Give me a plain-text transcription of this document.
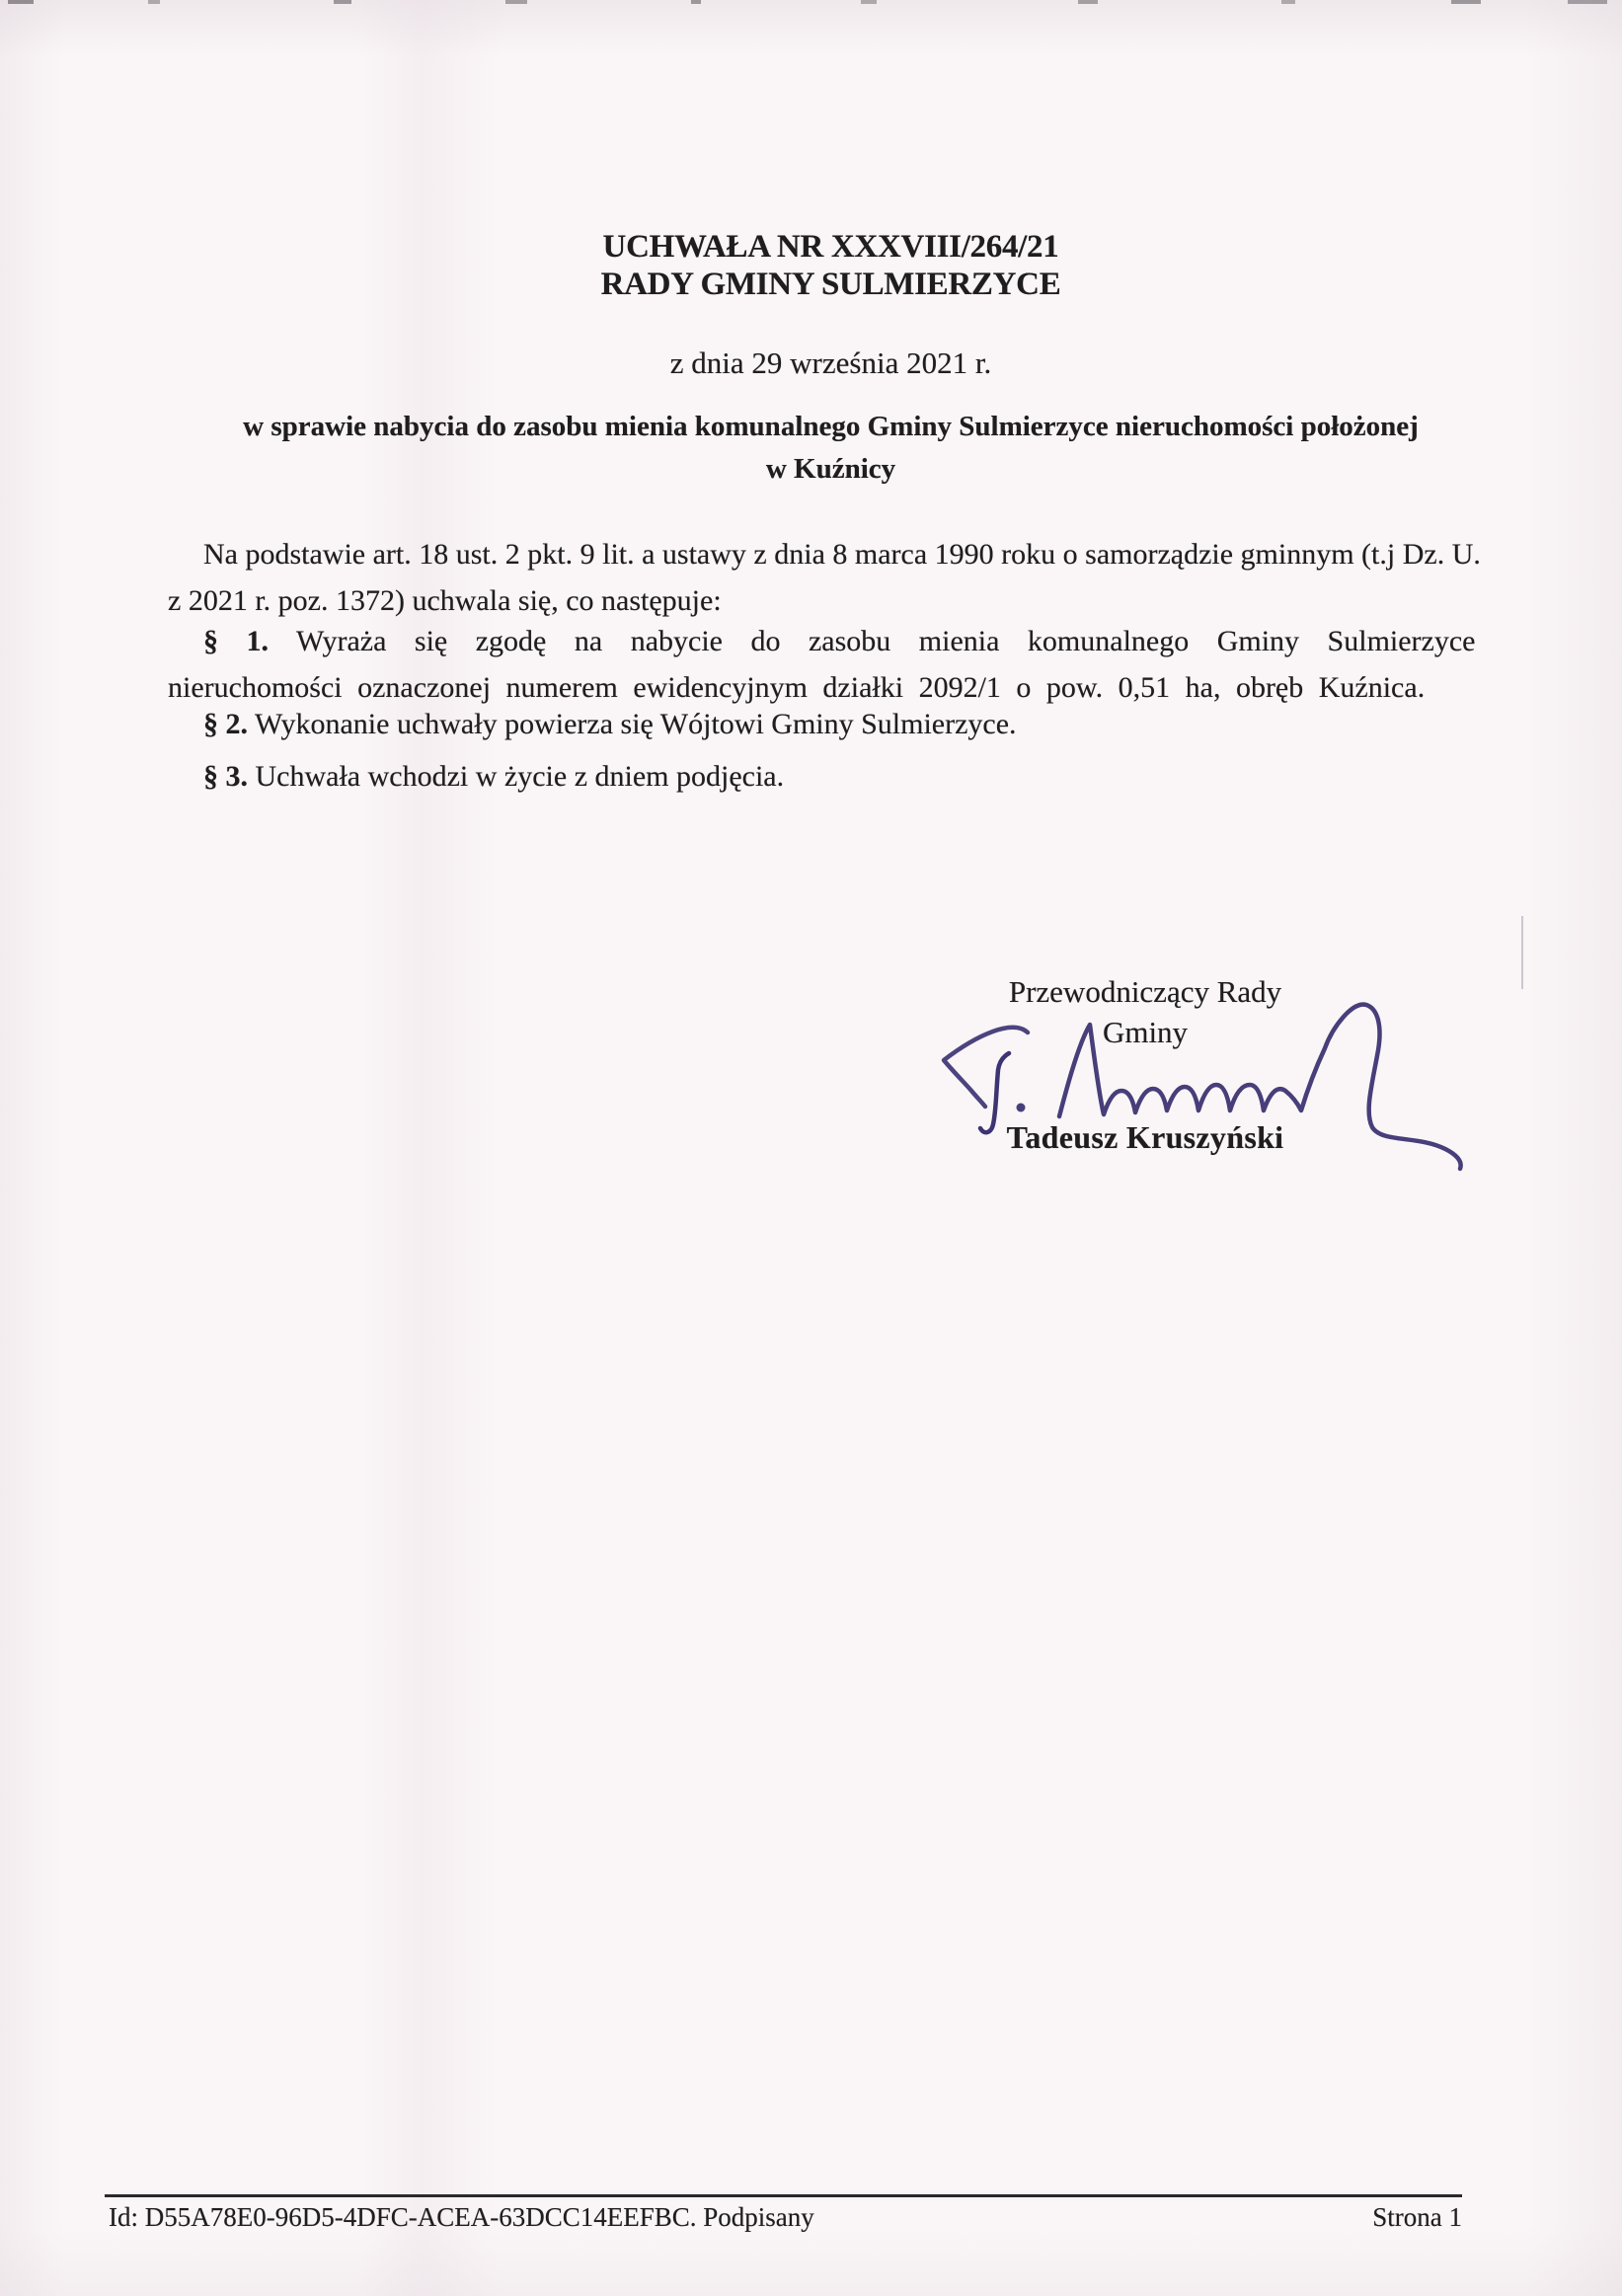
UCHWAŁA NR XXXVIII/264/21
RADY GMINY SULMIERZYCE
z dnia 29 września 2021 r.
w sprawie nabycia do zasobu mienia komunalnego Gminy Sulmierzyce nieruchomości położonej
w Kuźnicy
Na podstawie art. 18 ust. 2 pkt. 9 lit. a ustawy z dnia 8 marca 1990 roku o samorządzie gminnym (t.j Dz. U.
z 2021 r. poz. 1372) uchwala się, co następuje:
§ 1. Wyraża się zgodę na nabycie do zasobu mienia komunalnego Gminy Sulmierzyce
nieruchomości oznaczonej numerem ewidencyjnym działki 2092/1 o pow. 0,51 ha, obręb Kuźnica.
§ 2. Wykonanie uchwały powierza się Wójtowi Gminy Sulmierzyce.
§ 3. Uchwała wchodzi w życie z dniem podjęcia.
Przewodniczący Rady
Gminy
Tadeusz Kruszyński
Id: D55A78E0-96D5-4DFC-ACEA-63DCC14EEFBC. Podpisany	Strona 1
